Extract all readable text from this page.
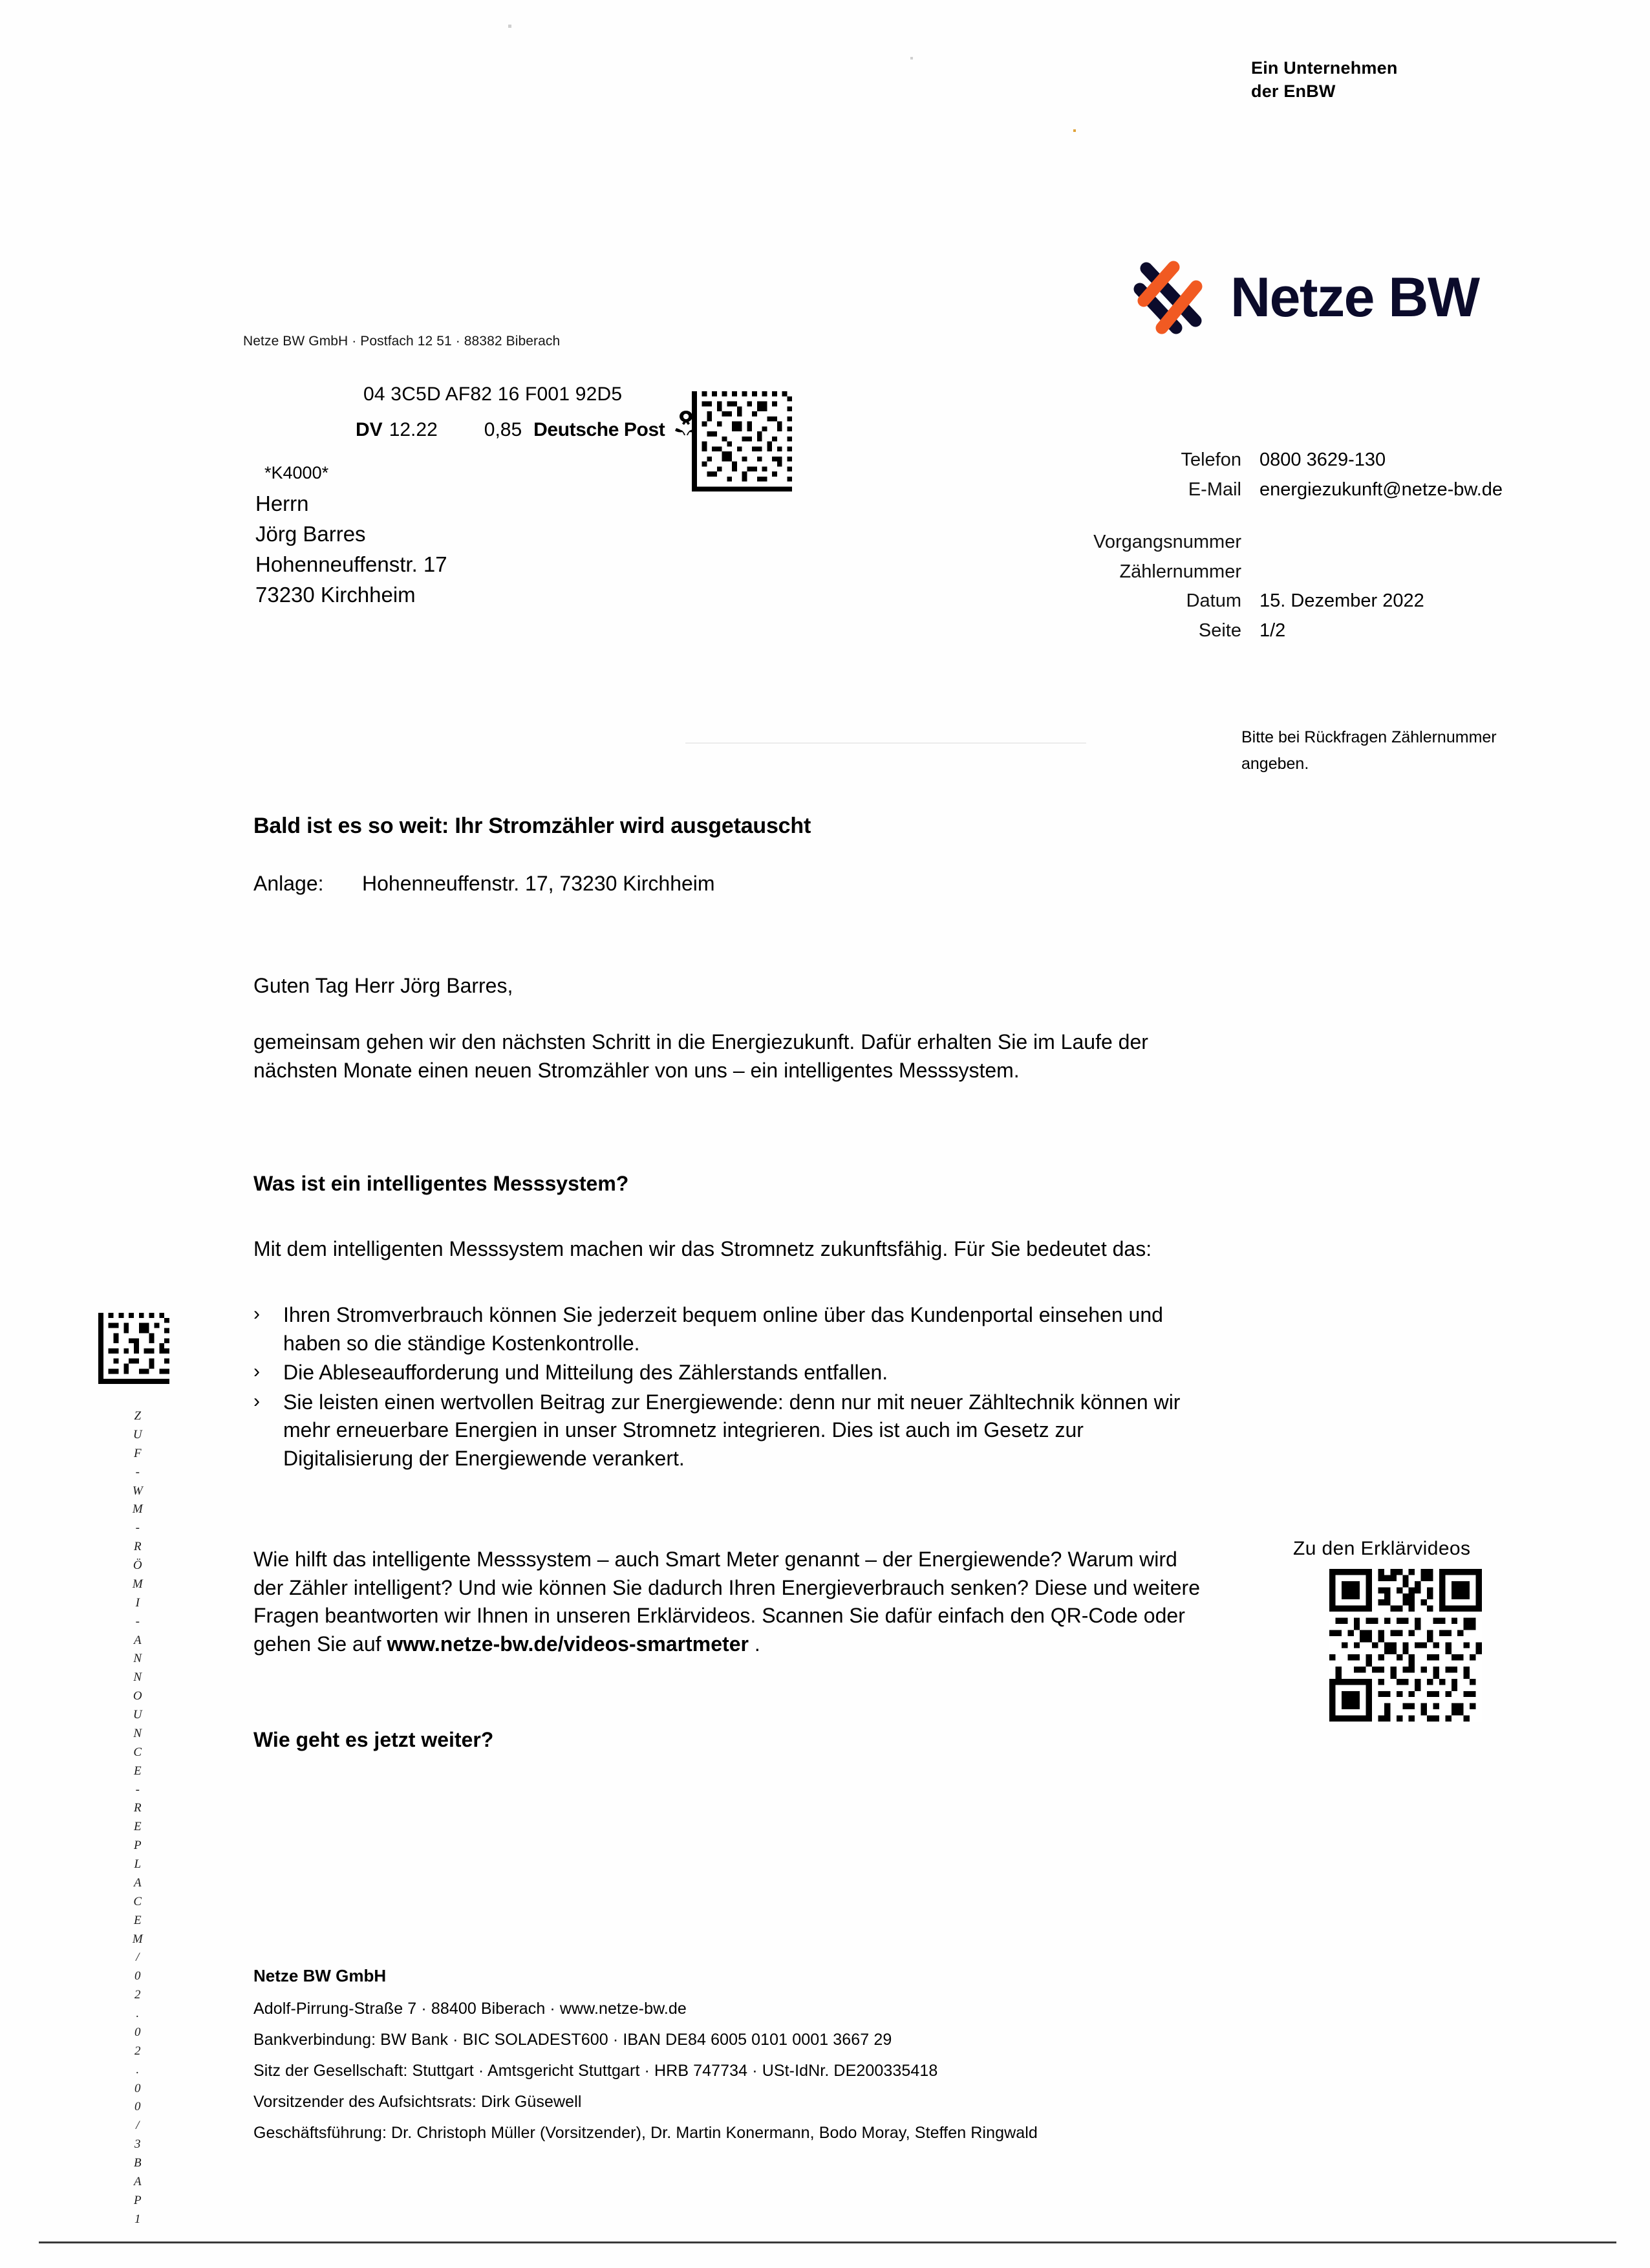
Ein Unternehmen
der EnBW
Netze BW
Netze BW GmbH · Postfach 12 51 · 88382 Biberach
04 3C5D AF82 16 F001 92D5
DV 12.22 0,85 Deutsche Post
*K4000*
Herrn
Jörg Barres
Hohenneuffenstr. 17
73230 Kirchheim
Telefon 0800 3629-130
E-Mail energiezukunft@netze-bw.de
Vorgangsnummer
Zählernummer
Datum 15. Dezember 2022
Seite 1/2
Bitte bei Rückfragen Zählernummer angeben.
Bald ist es so weit: Ihr Stromzähler wird ausgetauscht
Anlage:	Hohenneuffenstr. 17, 73230 Kirchheim
Guten Tag Herr Jörg Barres,
gemeinsam gehen wir den nächsten Schritt in die Energiezukunft. Dafür erhalten Sie im Laufe der nächsten Monate einen neuen Stromzähler von uns – ein intelligentes Messsystem.
Was ist ein intelligentes Messsystem?
Mit dem intelligenten Messsystem machen wir das Stromnetz zukunftsfähig. Für Sie bedeutet das:
›	Ihren Stromverbrauch können Sie jederzeit bequem online über das Kundenportal einsehen und haben so die ständige Kostenkontrolle.
›	Die Ableseaufforderung und Mitteilung des Zählerstands entfallen.
›	Sie leisten einen wertvollen Beitrag zur Energiewende: denn nur mit neuer Zähltechnik können wir mehr erneuerbare Energien in unser Stromnetz integrieren. Dies ist auch im Gesetz zur Digitalisierung der Energiewende verankert.
Wie hilft das intelligente Messsystem – auch Smart Meter genannt – der Energiewende? Warum wird der Zähler intelligent? Und wie können Sie dadurch Ihren Energieverbrauch senken? Diese und weitere Fragen beantworten wir Ihnen in unseren Erklärvideos. Scannen Sie dafür einfach den QR-Code oder gehen Sie auf www.netze-bw.de/videos-smartmeter .
Wie geht es jetzt weiter?
Zu den Erklärvideos
Z
U
F
-
W
M
-
R
Ö
M
I
-
A
N
N
O
U
N
C
E
-
R
E
P
L
A
C
E
M
/
0
2
.
0
2
.
0
0
/
3
B
A
P
1
Netze BW GmbH
Adolf-Pirrung-Straße 7 · 88400 Biberach · www.netze-bw.de
Bankverbindung: BW Bank · BIC SOLADEST600 · IBAN DE84 6005 0101 0001 3667 29
Sitz der Gesellschaft: Stuttgart · Amtsgericht Stuttgart · HRB 747734 · USt-IdNr. DE200335418
Vorsitzender des Aufsichtsrats: Dirk Güsewell
Geschäftsführung: Dr. Christoph Müller (Vorsitzender), Dr. Martin Konermann, Bodo Moray, Steffen Ringwald
